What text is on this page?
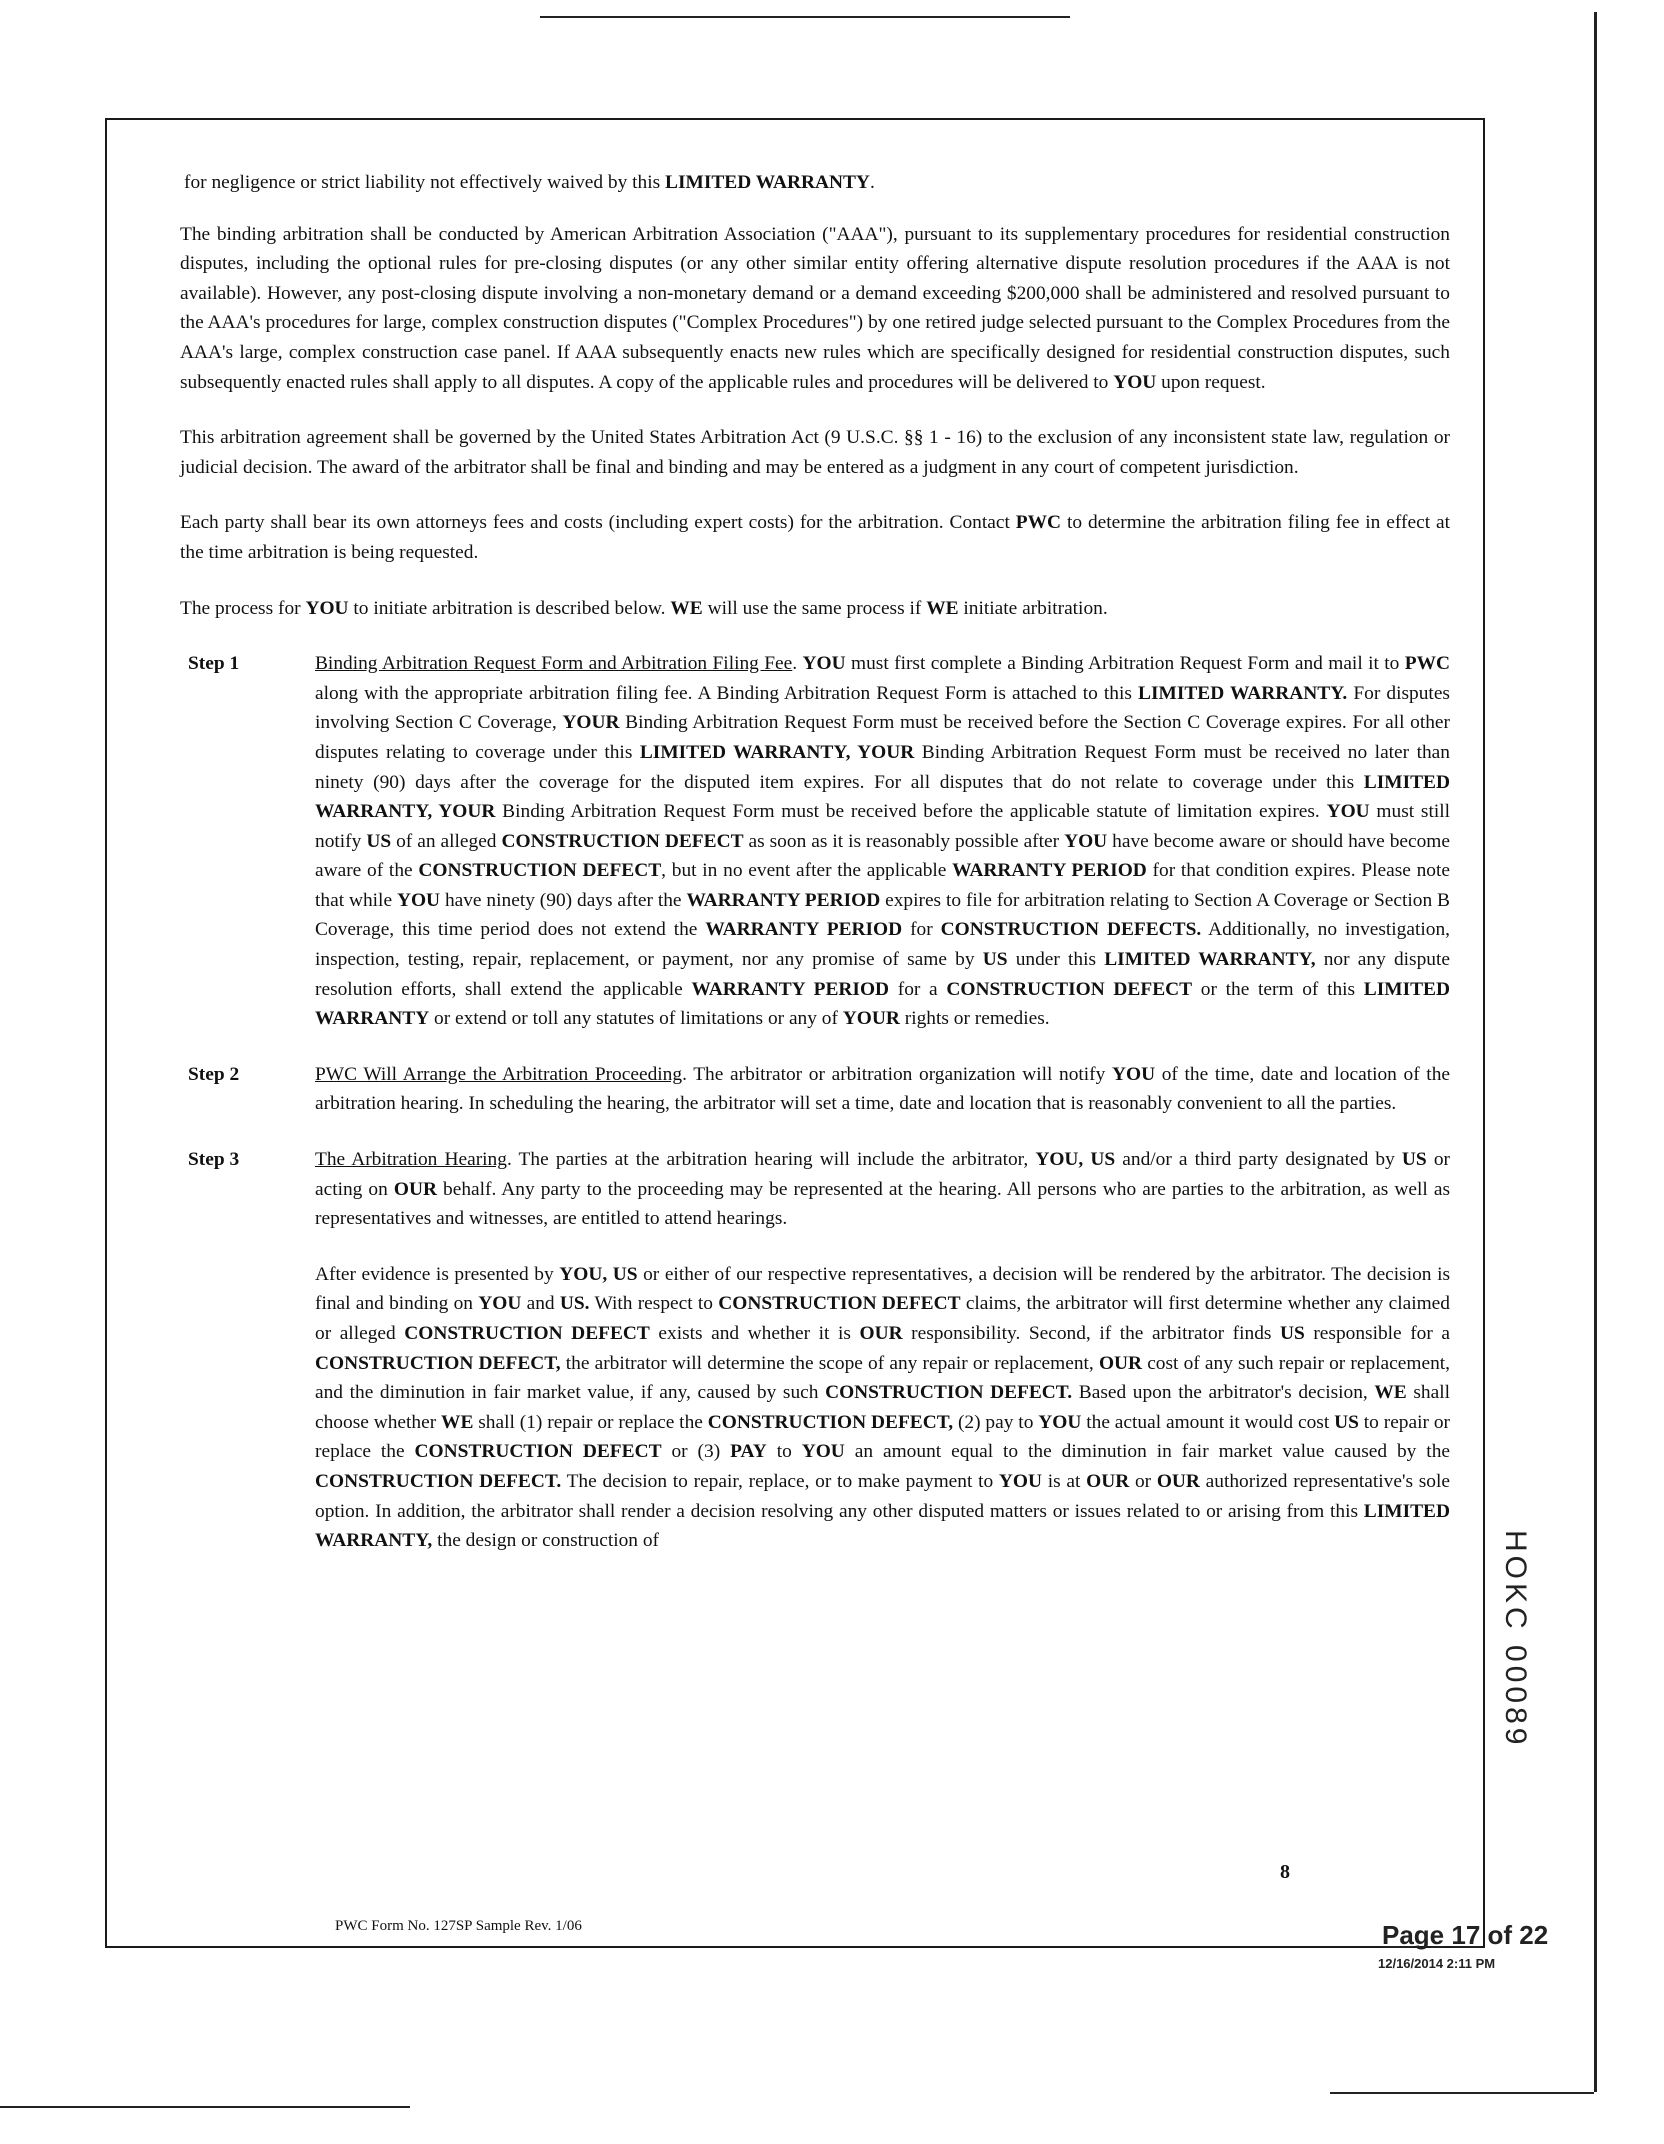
for negligence or strict liability not effectively waived by this LIMITED WARRANTY.

The binding arbitration shall be conducted by American Arbitration Association ("AAA"), pursuant to its supplementary procedures for residential construction disputes, including the optional rules for pre-closing disputes (or any other similar entity offering alternative dispute resolution procedures if the AAA is not available). However, any post-closing dispute involving a non-monetary demand or a demand exceeding $200,000 shall be administered and resolved pursuant to the AAA's procedures for large, complex construction disputes ("Complex Procedures") by one retired judge selected pursuant to the Complex Procedures from the AAA's large, complex construction case panel. If AAA subsequently enacts new rules which are specifically designed for residential construction disputes, such subsequently enacted rules shall apply to all disputes. A copy of the applicable rules and procedures will be delivered to YOU upon request.

This arbitration agreement shall be governed by the United States Arbitration Act (9 U.S.C. §§ 1 - 16) to the exclusion of any inconsistent state law, regulation or judicial decision. The award of the arbitrator shall be final and binding and may be entered as a judgment in any court of competent jurisdiction.

Each party shall bear its own attorneys fees and costs (including expert costs) for the arbitration. Contact PWC to determine the arbitration filing fee in effect at the time arbitration is being requested.

The process for YOU to initiate arbitration is described below. WE will use the same process if WE initiate arbitration.

Step 1	Binding Arbitration Request Form and Arbitration Filing Fee. YOU must first complete a Binding Arbitration Request Form and mail it to PWC along with the appropriate arbitration filing fee. A Binding Arbitration Request Form is attached to this LIMITED WARRANTY. For disputes involving Section C Coverage, YOUR Binding Arbitration Request Form must be received before the Section C Coverage expires. For all other disputes relating to coverage under this LIMITED WARRANTY, YOUR Binding Arbitration Request Form must be received no later than ninety (90) days after the coverage for the disputed item expires. For all disputes that do not relate to coverage under this LIMITED WARRANTY, YOUR Binding Arbitration Request Form must be received before the applicable statute of limitation expires. YOU must still notify US of an alleged CONSTRUCTION DEFECT as soon as it is reasonably possible after YOU have become aware or should have become aware of the CONSTRUCTION DEFECT, but in no event after the applicable WARRANTY PERIOD for that condition expires. Please note that while YOU have ninety (90) days after the WARRANTY PERIOD expires to file for arbitration relating to Section A Coverage or Section B Coverage, this time period does not extend the WARRANTY PERIOD for CONSTRUCTION DEFECTS. Additionally, no investigation, inspection, testing, repair, replacement, or payment, nor any promise of same by US under this LIMITED WARRANTY, nor any dispute resolution efforts, shall extend the applicable WARRANTY PERIOD for a CONSTRUCTION DEFECT or the term of this LIMITED WARRANTY or extend or toll any statutes of limitations or any of YOUR rights or remedies.
Step 2	PWC Will Arrange the Arbitration Proceeding. The arbitrator or arbitration organization will notify YOU of the time, date and location of the arbitration hearing. In scheduling the hearing, the arbitrator will set a time, date and location that is reasonably convenient to all the parties.
Step 3	The Arbitration Hearing. The parties at the arbitration hearing will include the arbitrator, YOU, US and/or a third party designated by US or acting on OUR behalf. Any party to the proceeding may be represented at the hearing. All persons who are parties to the arbitration, as well as representatives and witnesses, are entitled to attend hearings.

After evidence is presented by YOU, US or either of our respective representatives, a decision will be rendered by the arbitrator. The decision is final and binding on YOU and US. With respect to CONSTRUCTION DEFECT claims, the arbitrator will first determine whether any claimed or alleged CONSTRUCTION DEFECT exists and whether it is OUR responsibility. Second, if the arbitrator finds US responsible for a CONSTRUCTION DEFECT, the arbitrator will determine the scope of any repair or replacement, OUR cost of any such repair or replacement, and the diminution in fair market value, if any, caused by such CONSTRUCTION DEFECT. Based upon the arbitrator's decision, WE shall choose whether WE shall (1) repair or replace the CONSTRUCTION DEFECT, (2) pay to YOU the actual amount it would cost US to repair or replace the CONSTRUCTION DEFECT or (3) PAY to YOU an amount equal to the diminution in fair market value caused by the CONSTRUCTION DEFECT. The decision to repair, replace, or to make payment to YOU is at OUR or OUR authorized representative's sole option. In addition, the arbitrator shall render a decision resolving any other disputed matters or issues related to or arising from this LIMITED WARRANTY, the design or construction of

8
PWC Form No. 127SP Sample Rev. 1/06	Page 17 of 22
12/16/2014 2:11 PM
HOKC 00089
